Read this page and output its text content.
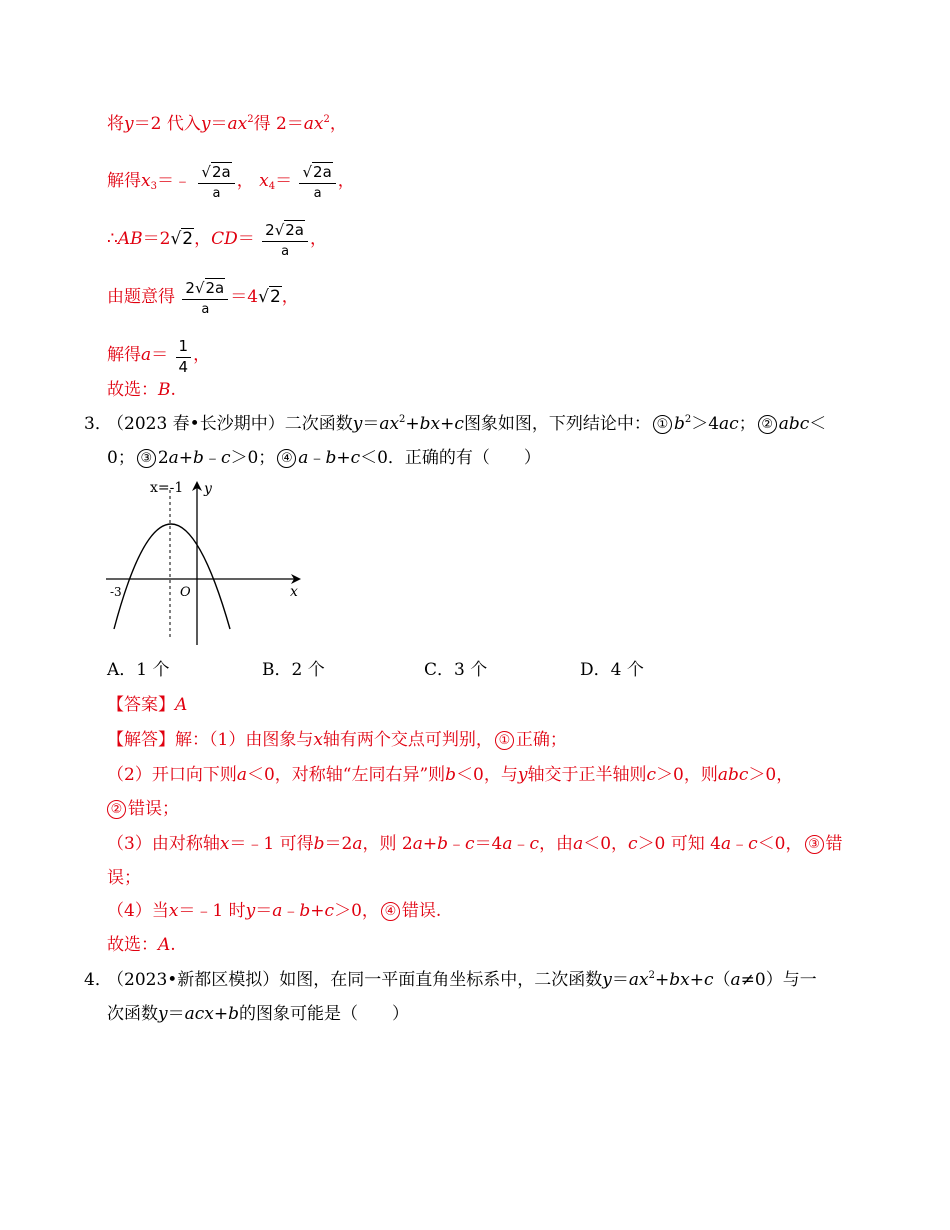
将y＝2 代入$y=ax^2$得 $2=ax^2$，
解得$x_3=﹣ \frac{√2a}{a}$ ， $x_4= \frac{√2a}{a}$ ，
∴AB＝2√2，$CD= \frac{2√2a}{a}$ ，
由题意得 $\frac{2√2a}{a} =4√2$，
解得$a= \frac{1}{4}$ ，
故选：B.
3．
（2023 春•长沙期中）二次函数$y=ax^2+bx+c$图象如图，下列结论中： ① $b^2>4ac$； ② abc＜
0； ③ 2a+b﹣c＞0； ④ a﹣b+c＜0．正确的有（　　）
x=-1 y
x
O
-3
A．1 个	B．2 个	C．3 个	D．4 个
【答案】A
【解答】解：（1）由图象与x轴有两个交点可判别， ① 正确；
（2）开口向下则a＜0，对称轴“左同右异”则b＜0，与y轴交于正半轴则c＞0，则abc＞0，
② 错误；
（3）由对称轴x＝﹣1 可得b＝2a，则 2a+b﹣c＝4a﹣c，由a＜0，c＞0 可知 4a﹣c＜0， ③ 错
误；
（4）当x＝﹣1 时y＝a﹣b+c＞0， ④ 错误.
故选：A.
4．
（2023•新都区模拟）如图，在同一平面直角坐标系中，二次函数$y=ax^2+bx+c(a\ne 0)$与一
次函数y＝acx+b的图象可能是（　　）
